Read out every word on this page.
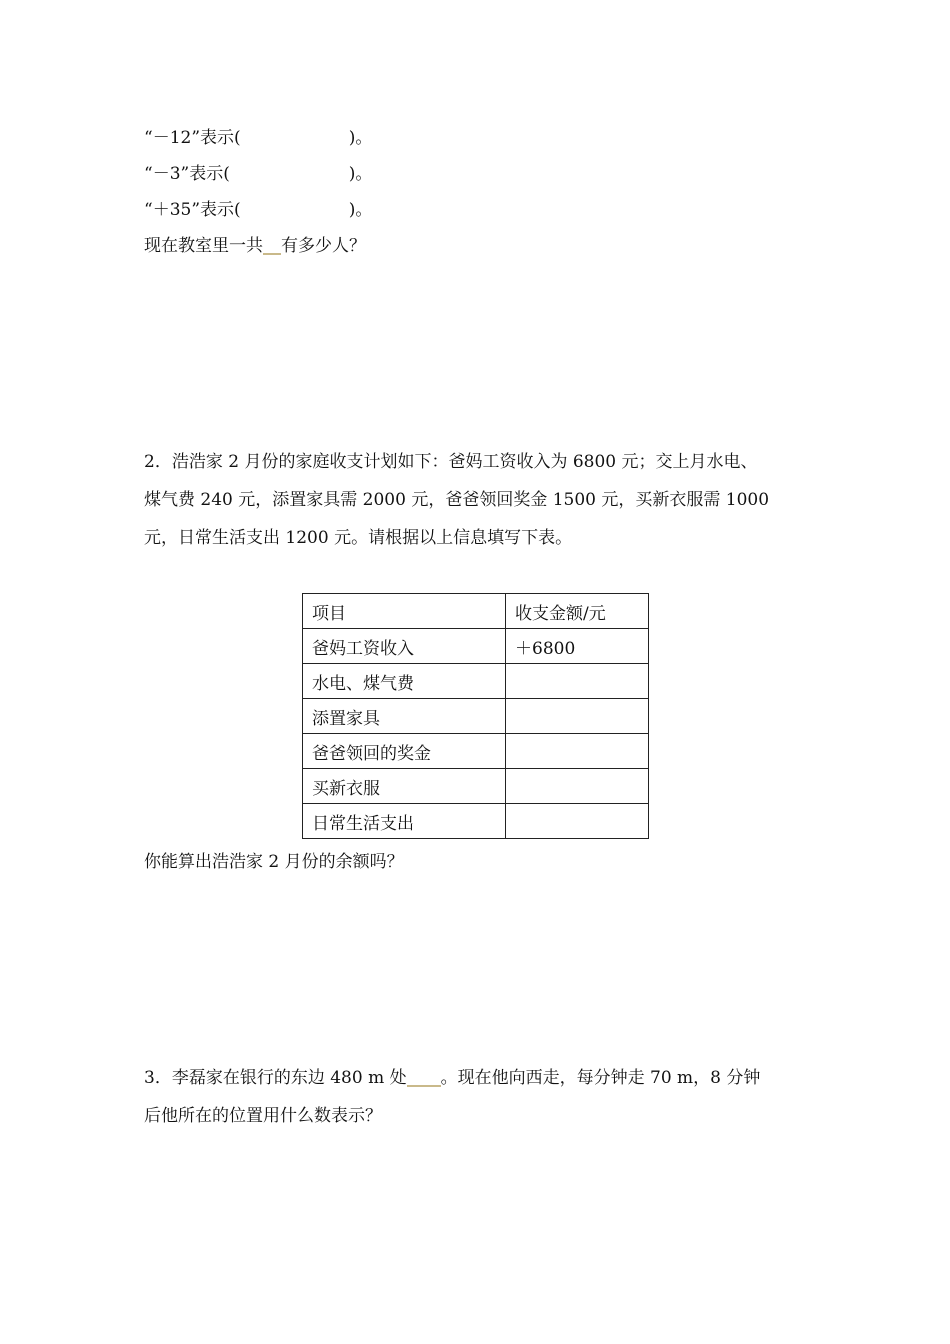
“－12”表示(                    )。
“－3”表示(                      )。
“＋35”表示(                    )。
现在教室里一共 有多少人？
2．浩浩家 2 月份的家庭收支计划如下：爸妈工资收入为 6800 元；交上月水电、
煤气费 240 元，添置家具需 2000 元，爸爸领回奖金 1500 元，买新衣服需 1000
元，日常生活支出 1200 元。请根据以上信息填写下表。
项目	收支金额/元
爸妈工资收入	＋6800
水电、煤气费	
添置家具	
爸爸领回的奖金	
买新衣服	
日常生活支出	
你能算出浩浩家 2 月份的余额吗？
3．李磊家在银行的东边 480 m 处 。现在他向西走，每分钟走 70 m，8 分钟
后他所在的位置用什么数表示？
